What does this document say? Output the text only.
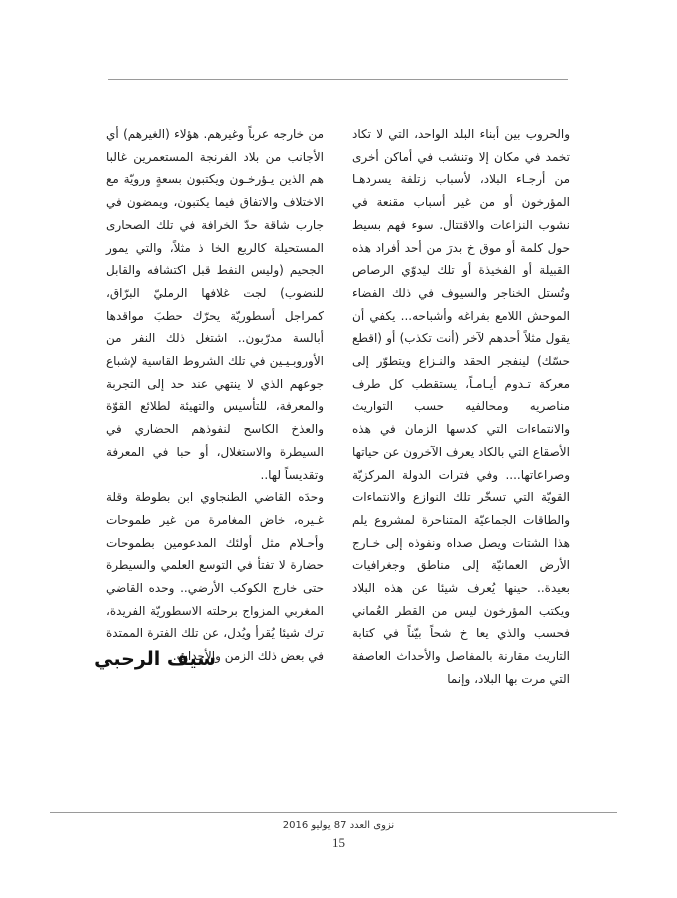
والحروب بين أبناء البلد الواحد، التي لا تكاد تخمد في مكان إلا وتنشب في أماكن أخرى من أرجـاء البلاد، لأسباب زتلفة يسردهـا المؤرخون أو من غير أسباب مقنعة في نشوب النزاعات والاقتتال. سوء فهم بسيط حول كلمة أو موق خ بدرَ من أحد أفراد هذه القبيلة أو الفخيذة أو تلك ليدوّي الرصاص وتُستل الخناجر والسيوف في ذلك الفضاء الموحش اللامع بفراغه وأشباحه... يكفي أن يقول مثلاً أحدهم لآخر (أنت تكذب) أو (اقطع حسّك) لينفجر الحقد والنـزاع ويتطوّر إلى معركة تـدوم أيـامـاً، يستقطب كل طرف مناصريه ومحالفيه حسب التواريث والانتماءات التي كدسها الزمان في هذه الأصقاع التي بالكاد يعرف الآخرون عن حياتها وصراعاتها.... وفي فترات الدولة المركزيّة القويّة التي تسخّر تلك النوازع والانتماءات والطاقات الجماعيّة المتناحرة لمشروع يلم هذا الشتات ويصل صداه ونفوذه إلى خـارج الأرض العمانيّة إلى مناطق وجغرافيات بعيدة.. حينها يُعرف شيئا عن هذه البلاد ويكتب المؤرخون ليس من القطر العُماني فحسب والذي يعا خ شحاً بيّناً في كتابة التاريث مقارنة بالمفاصل والأحداث العاصفة التي مرت بها البلاد، وإنما

من خارجه عرباً وغيرهم. هؤلاء (الغيرهم) أي الأجانب من بلاد الفرنجة المستعمرين غالبا هم الذين يـؤرخـون ويكتبون بسعةٍ ورويّة مع الاختلاف والاتفاق فيما يكتبون، ويمضون في جارب شاقة حدّ الخرافة في تلك الصحارى المستحيلة كالربع الخا ذ مثلاً، والتي يمور الجحيم (وليس النفط قبل اكتشافه والقابل للنضوب) لجت غلافها الرمليّ البرّاق، كمراجل أسطوريّة يحرّك حطبَ مواقدها أبالسة مدرّبون.. اشتغل ذلك النفر من الأوروبـيـين في تلك الشروط القاسية لإشباع جوعهم الذي لا ينتهي عند حد إلى التجربة والمعرفة، للتأسيس والتهيئة لطلائع القوّة والعذخ الكاسح لنفوذهم الحضاري في السيطرة والاستغلال، أو حبا في المعرفة وتقديساً لها..

وحدَه القاضي الطنجاوي ابن بطوطة وقلة غـيره، خاض المغامرة من غير طموحات وأحـلام مثل أولئك المدعومين بطموحات حضارة لا تفتأ في التوسع العلمي والسيطرة حتى خارج الكوكب الأرضي.. وحده القاضي المغربي المزواج برحلته الاسطوريّة الفريدة، ترك شيئا يُقرأ ويُدل، عن تلك الفترة الممتدة في بعض ذلك الزمن والأحداث.

سيف الرحبي
نزوى العدد 87 يوليو 2016
15
